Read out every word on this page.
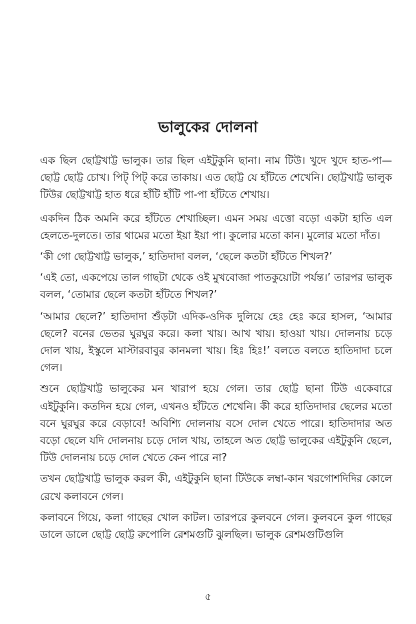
ভালুকের দোলনা

এক ছিল ছোট্টখাট্ট ভালুক। তার ছিল এইটুকুনি ছানা। নাম টিউ। খুদে খুদে হাত-পা—ছোট্ট ছোট্ট চোখ। পিট্ পিট্ করে তাকায়। এত ছোট্ট যে হাঁটতে শেখেনি। ছোট্টখাট্ট ভালুক টিউর ছোট্টখাট্ট হাত ধরে হাঁটি হাঁটি পা-পা হাঁটতে শেখায়।

একদিন ঠিক অমনি করে হাঁটতে শেখাচ্ছিল। এমন সময় এত্তো বড়ো একটা হাতি এল হেলতে-দুলতে। তার থামের মতো ইয়া ইয়া পা। কুলোর মতো কান। মুলোর মতো দাঁত।

‘কী গো ছোট্টখাট্ট ভালুক,’ হাতিদাদা বলল, ‘ছেলে কতটা হাঁটতে শিখল?’

‘এই তো, একপেয়ে তাল গাছটা থেকে ওই মুখবোজা পাতকুয়োটা পর্যন্ত।’ তারপর ভালুক বলল, ‘তোমার ছেলে কতটা হাঁটতে শিখল?’

‘আমার ছেলে?’ হাতিদাদা শুঁড়টা এদিক-ওদিক দুলিয়ে হেঃ হেঃ করে হাসল, ‘আমার ছেলে? বনের ভেতর ঘুরঘুর করে। কলা খায়। আখ খায়। হাওয়া খায়। দোলনায় চড়ে দোল খায়, ইস্কুলে মাস্টারবাবুর কানমলা খায়। হিঃ হিঃ!’ বলতে বলতে হাতিদাদা চলে গেল।

শুনে ছোট্টখাট্ট ভালুকের মন খারাপ হয়ে গেল। তার ছোট্ট ছানা টিউ একেবারে এইটুকুনি। কতদিন হয়ে গেল, এখনও হাঁটতে শেখেনি। কী করে হাতিদাদার ছেলের মতো বনে ঘুরঘুর করে বেড়াবে! অবিশ্যি দোলনায় বসে দোল খেতে পারে। হাতিদাদার অত বড়ো ছেলে যদি দোলনায় চড়ে দোল খায়, তাহলে অত ছোট্ট ভালুকের এইটুকুনি ছেলে, টিউ দোলনায় চড়ে দোল খেতে কেন পারে না?

তখন ছোট্টখাট্ট ভালুক করল কী, এইটুকুনি ছানা টিউকে লম্বা-কান খরগোশদিদির কোলে রেখে কলাবনে গেল।

কলাবনে গিয়ে, কলা গাছের খোল কাটল। তারপরে কুলবনে গেল। কুলবনে কুল গাছের ডালে ডালে ছোট্ট ছোট্ট রুপোলি রেশমগুটি ঝুলছিল। ভালুক রেশমগুটিগুলি

৫
